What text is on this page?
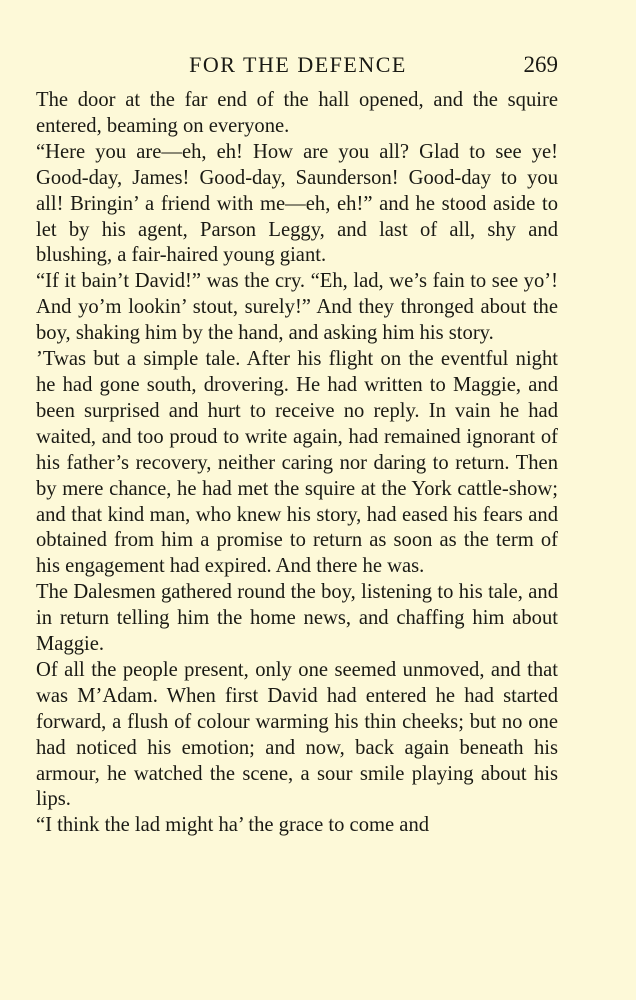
FOR THE DEFENCE	269

The door at the far end of the hall opened, and the squire entered, beaming on everyone.

“Here you are—eh, eh! How are you all? Glad to see ye! Good-day, James! Good-day, Saunderson! Good-day to you all! Bringin’ a friend with me—eh, eh!” and he stood aside to let by his agent, Parson Leggy, and last of all, shy and blushing, a fair-haired young giant.

“If it bain’t David!” was the cry. “Eh, lad, we’s fain to see yo’! And yo’m lookin’ stout, surely!” And they thronged about the boy, shaking him by the hand, and asking him his story.

’Twas but a simple tale. After his flight on the eventful night he had gone south, drovering. He had written to Maggie, and been surprised and hurt to receive no reply. In vain he had waited, and too proud to write again, had remained ignorant of his father’s recovery, neither caring nor daring to return. Then by mere chance, he had met the squire at the York cattle-show; and that kind man, who knew his story, had eased his fears and obtained from him a promise to return as soon as the term of his engagement had expired. And there he was.

The Dalesmen gathered round the boy, listening to his tale, and in return telling him the home news, and chaffing him about Maggie.

Of all the people present, only one seemed unmoved, and that was M’Adam. When first David had entered he had started forward, a flush of colour warming his thin cheeks; but no one had noticed his emotion; and now, back again beneath his armour, he watched the scene, a sour smile playing about his lips.

“I think the lad might ha’ the grace to come and
